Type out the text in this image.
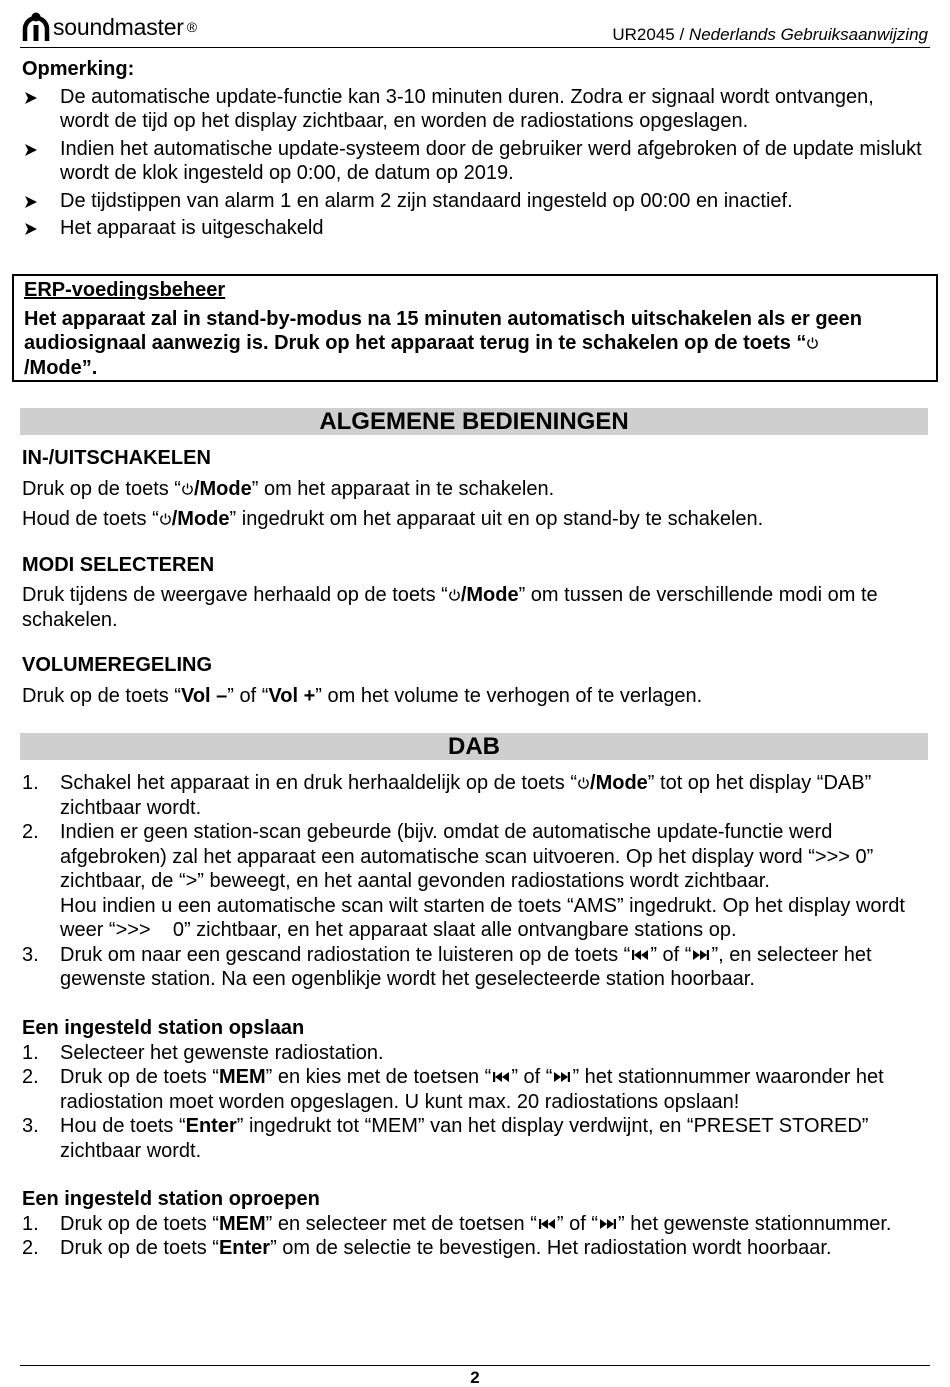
soundmaster ®	UR2045 / Nederlands Gebruiksaanwijzing
Opmerking:
De automatische update-functie kan 3-10 minuten duren. Zodra er signaal wordt ontvangen, wordt de tijd op het display zichtbaar, en worden de radiostations opgeslagen.
Indien het automatische update-systeem door de gebruiker werd afgebroken of de update mislukt wordt de klok ingesteld op 0:00, de datum op 2019.
De tijdstippen van alarm 1 en alarm 2 zijn standaard ingesteld op 00:00 en inactief.
Het apparaat is uitgeschakeld
ERP-voedingsbeheer
Het apparaat zal in stand-by-modus na 15 minuten automatisch uitschakelen als er geen audiosignaal aanwezig is. Druk op het apparaat terug in te schakelen op de toets “
/Mode”.
ALGEMENE BEDIENINGEN
IN-/UITSCHAKELEN
Druk op de toets “ /Mode” om het apparaat in te schakelen.
Houd de toets “ /Mode” ingedrukt om het apparaat uit en op stand-by te schakelen.
MODI SELECTEREN
Druk tijdens de weergave herhaald op de toets “ /Mode” om tussen de verschillende modi om te schakelen.
VOLUMEREGELING
Druk op de toets “Vol –” of “Vol +” om het volume te verhogen of te verlagen.
DAB
1. Schakel het apparaat in en druk herhaaldelijk op de toets “ /Mode” tot op het display “DAB” zichtbaar wordt.
2. Indien er geen station-scan gebeurde (bijv. omdat de automatische update-functie werd afgebroken) zal het apparaat een automatische scan uitvoeren. Op het display word “>>> 0” zichtbaar, de “>” beweegt, en het aantal gevonden radiostations wordt zichtbaar.
Hou indien u een automatische scan wilt starten de toets “AMS” ingedrukt. Op het display wordt weer “>>>    0” zichtbaar, en het apparaat slaat alle ontvangbare stations op.
3. Druk om naar een gescand radiostation te luisteren op de toets “ ” of “ ”, en selecteer het gewenste station. Na een ogenblikje wordt het geselecteerde station hoorbaar.
Een ingesteld station opslaan
1. Selecteer het gewenste radiostation.
2. Druk op de toets “MEM” en kies met de toetsen “ ” of “ ” het stationnummer waaronder het radiostation moet worden opgeslagen. U kunt max. 20 radiostations opslaan!
3. Hou de toets “Enter” ingedrukt tot “MEM” van het display verdwijnt, en “PRESET STORED” zichtbaar wordt.
Een ingesteld station oproepen
1. Druk op de toets “MEM” en selecteer met de toetsen “ ” of “ ” het gewenste stationnummer.
2. Druk op de toets “Enter” om de selectie te bevestigen. Het radiostation wordt hoorbaar.
2
